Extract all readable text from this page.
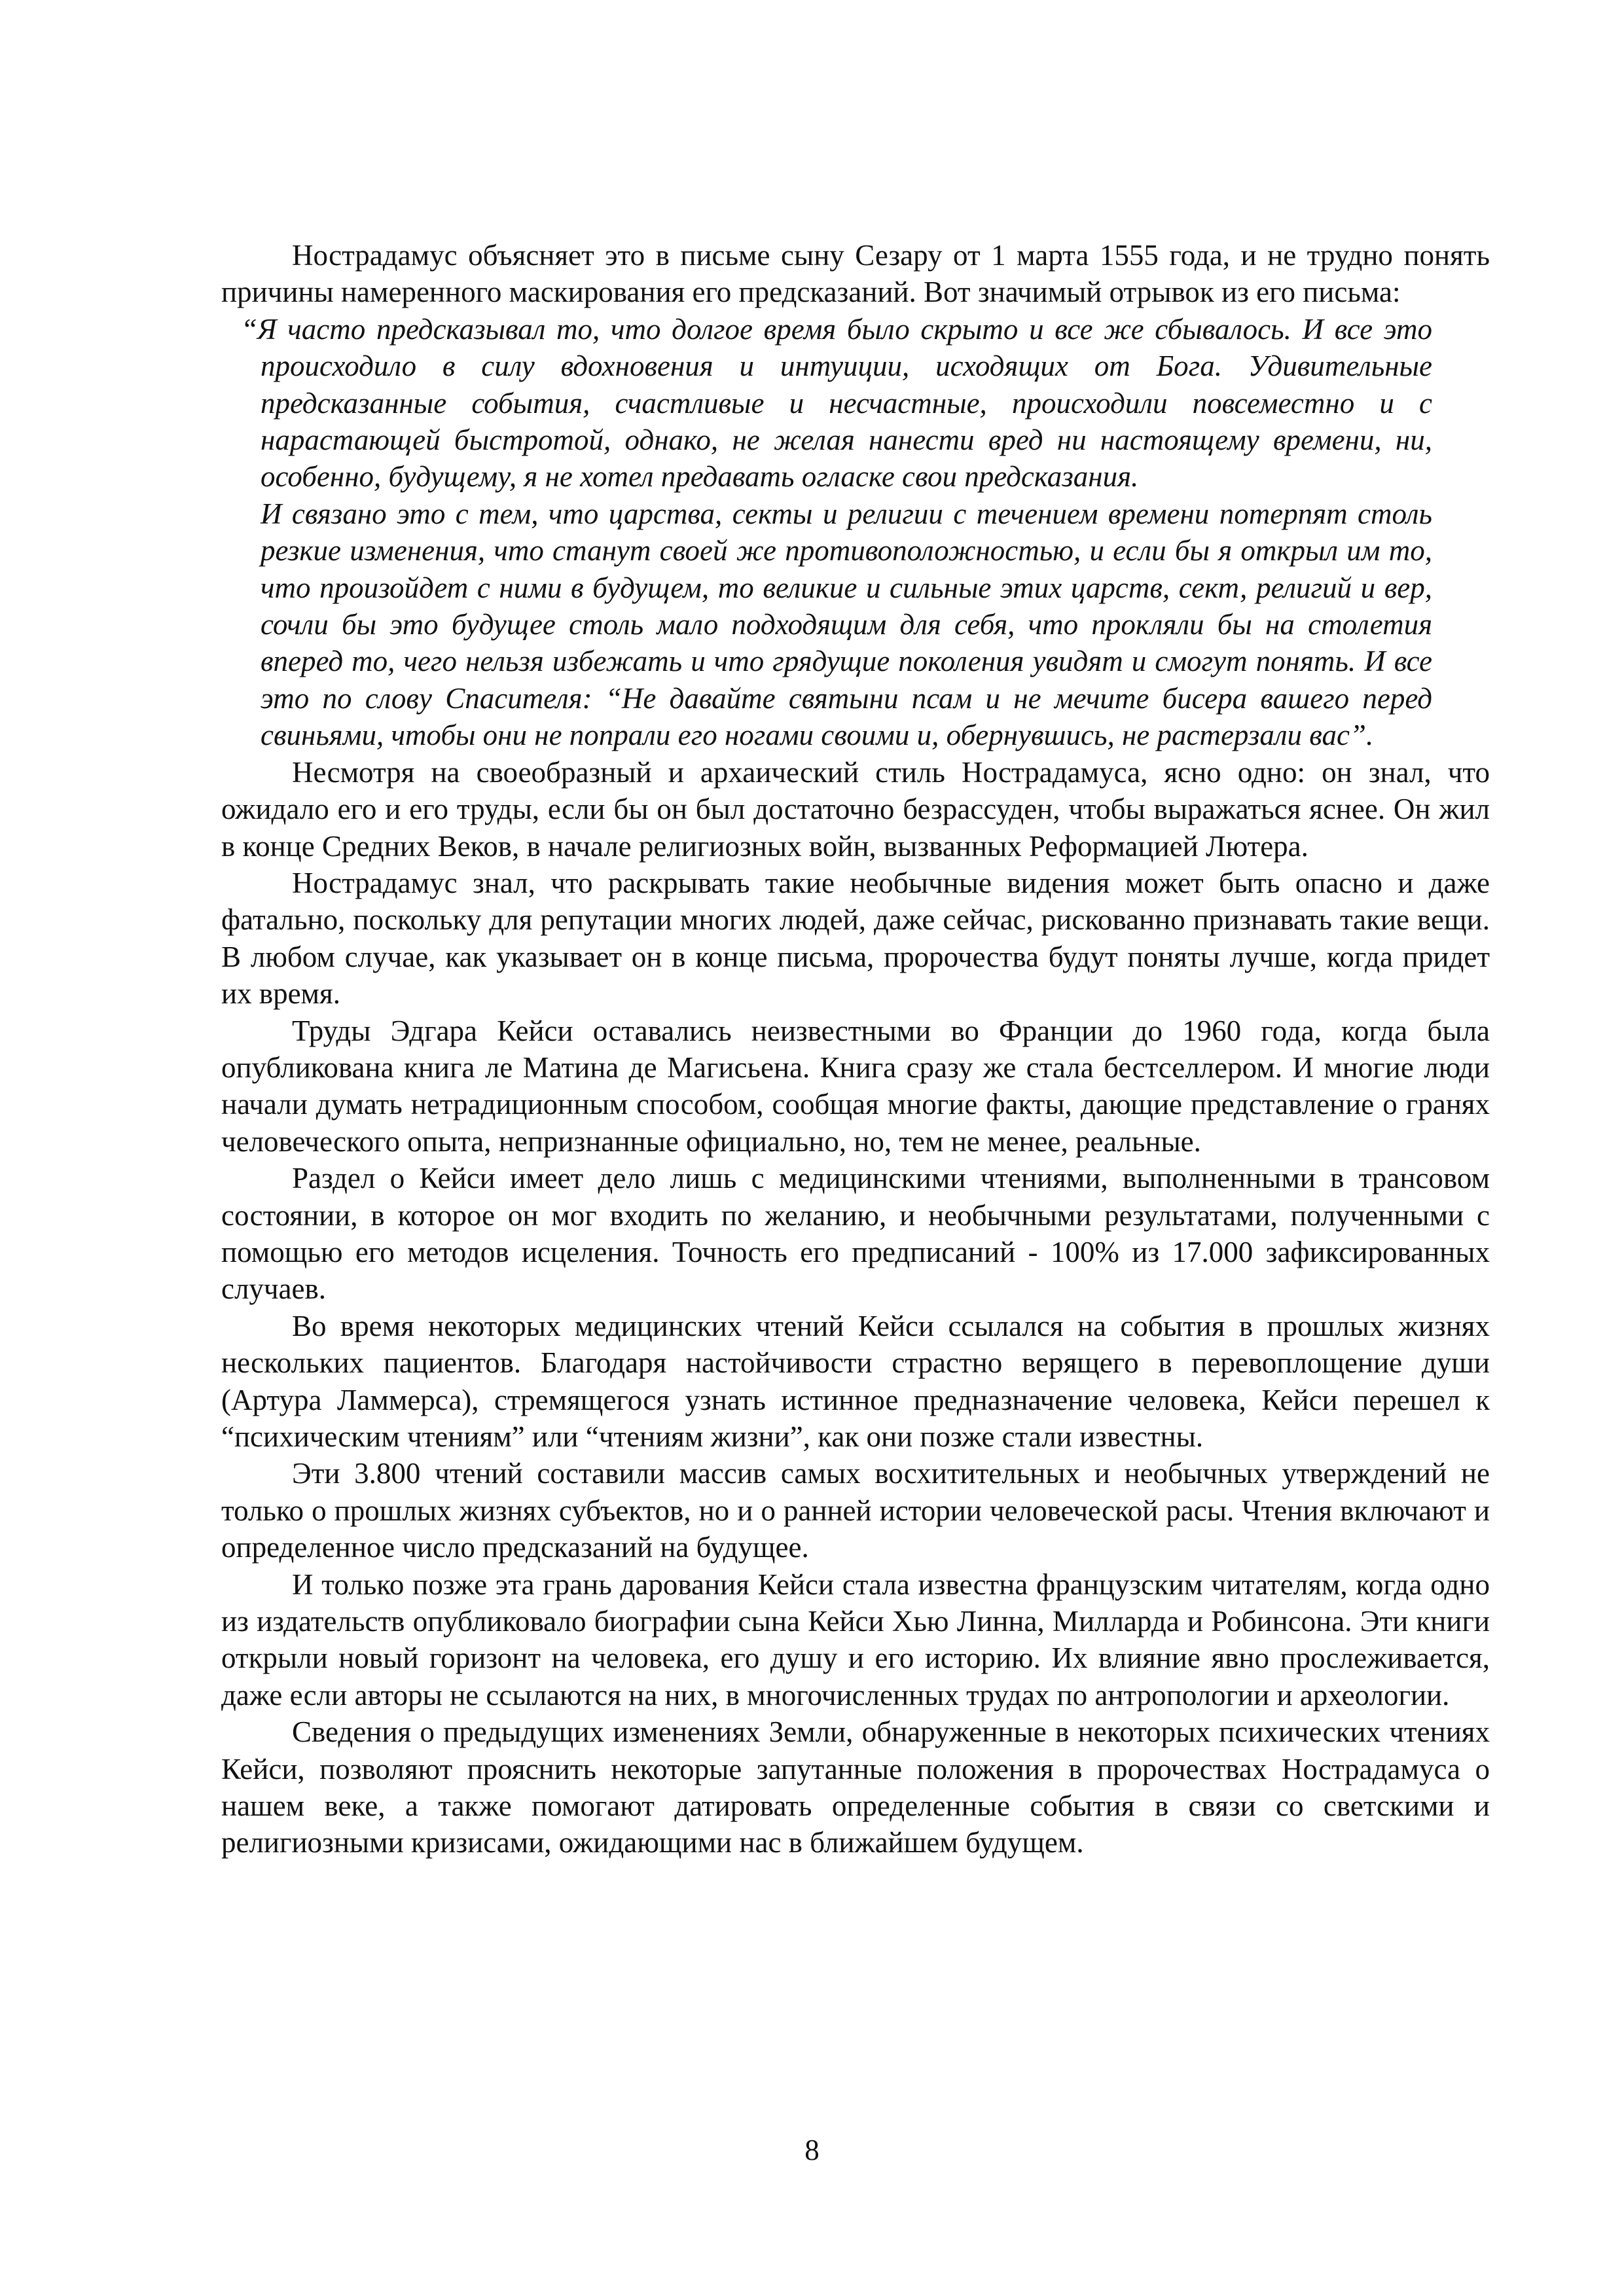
Нострадамус объясняет это в письме сыну Сезару от 1 марта 1555 года, и не трудно понять причины намеренного маскирования его предсказаний. Вот значимый отрывок из его письма:

“Я часто предсказывал то, что долгое время было скрыто и все же сбывалось. И все это происходило в силу вдохновения и интуиции, исходящих от Бога. Удивительные предсказанные события, счастливые и несчастные, происходили повсеместно и с нарастающей быстротой, однако, не желая нанести вред ни настоящему времени, ни, особенно, будущему, я не хотел предавать огласке свои предсказания.

И связано это с тем, что царства, секты и религии с течением времени потерпят столь резкие изменения, что станут своей же противоположностью, и если бы я открыл им то, что произойдет с ними в будущем, то великие и сильные этих царств, сект, религий и вер, сочли бы это будущее столь мало подходящим для себя, что прокляли бы на столетия вперед то, чего нельзя избежать и что грядущие поколения увидят и смогут понять. И все это по слову Спасителя: “Не давайте святыни псам и не мечите бисера вашего перед свиньями, чтобы они не попрали его ногами своими и, обернувшись, не растерзали вас”.

Несмотря на своеобразный и архаический стиль Нострадамуса, ясно одно: он знал, что ожидало его и его труды, если бы он был достаточно безрассуден, чтобы выражаться яснее. Он жил в конце Средних Веков, в начале религиозных войн, вызванных Реформацией Лютера.

Нострадамус знал, что раскрывать такие необычные видения может быть опасно и даже фатально, поскольку для репутации многих людей, даже сейчас, рискованно признавать такие вещи. В любом случае, как указывает он в конце письма, пророчества будут поняты лучше, когда придет их время.

Труды Эдгара Кейси оставались неизвестными во Франции до 1960 года, когда была опубликована книга ле Матина де Магисьена. Книга сразу же стала бестселлером. И многие люди начали думать нетрадиционным способом, сообщая многие факты, дающие представление о гранях человеческого опыта, непризнанные официально, но, тем не менее, реальные.

Раздел о Кейси имеет дело лишь с медицинскими чтениями, выполненными в трансовом состоянии, в которое он мог входить по желанию, и необычными результатами, полученными с помощью его методов исцеления. Точность его предписаний - 100% из 17.000 зафиксированных случаев.

Во время некоторых медицинских чтений Кейси ссылался на события в прошлых жизнях нескольких пациентов. Благодаря настойчивости страстно верящего в перевоплощение души (Артура Ламмерса), стремящегося узнать истинное предназначение человека, Кейси перешел к “психическим чтениям” или “чтениям жизни”, как они позже стали известны.

Эти 3.800 чтений составили массив самых восхитительных и необычных утверждений не только о прошлых жизнях субъектов, но и о ранней истории человеческой расы. Чтения включают и определенное число предсказаний на будущее.

И только позже эта грань дарования Кейси стала известна французским читателям, когда одно из издательств опубликовало биографии сына Кейси Хью Линна, Милларда и Робинсона. Эти книги открыли новый горизонт на человека, его душу и его историю. Их влияние явно прослеживается, даже если авторы не ссылаются на них, в многочисленных трудах по антропологии и археологии.

Сведения о предыдущих изменениях Земли, обнаруженные в некоторых психических чтениях Кейси, позволяют прояснить некоторые запутанные положения в пророчествах Нострадамуса о нашем веке, а также помогают датировать определенные события в связи со светскими и религиозными кризисами, ожидающими нас в ближайшем будущем.

8
